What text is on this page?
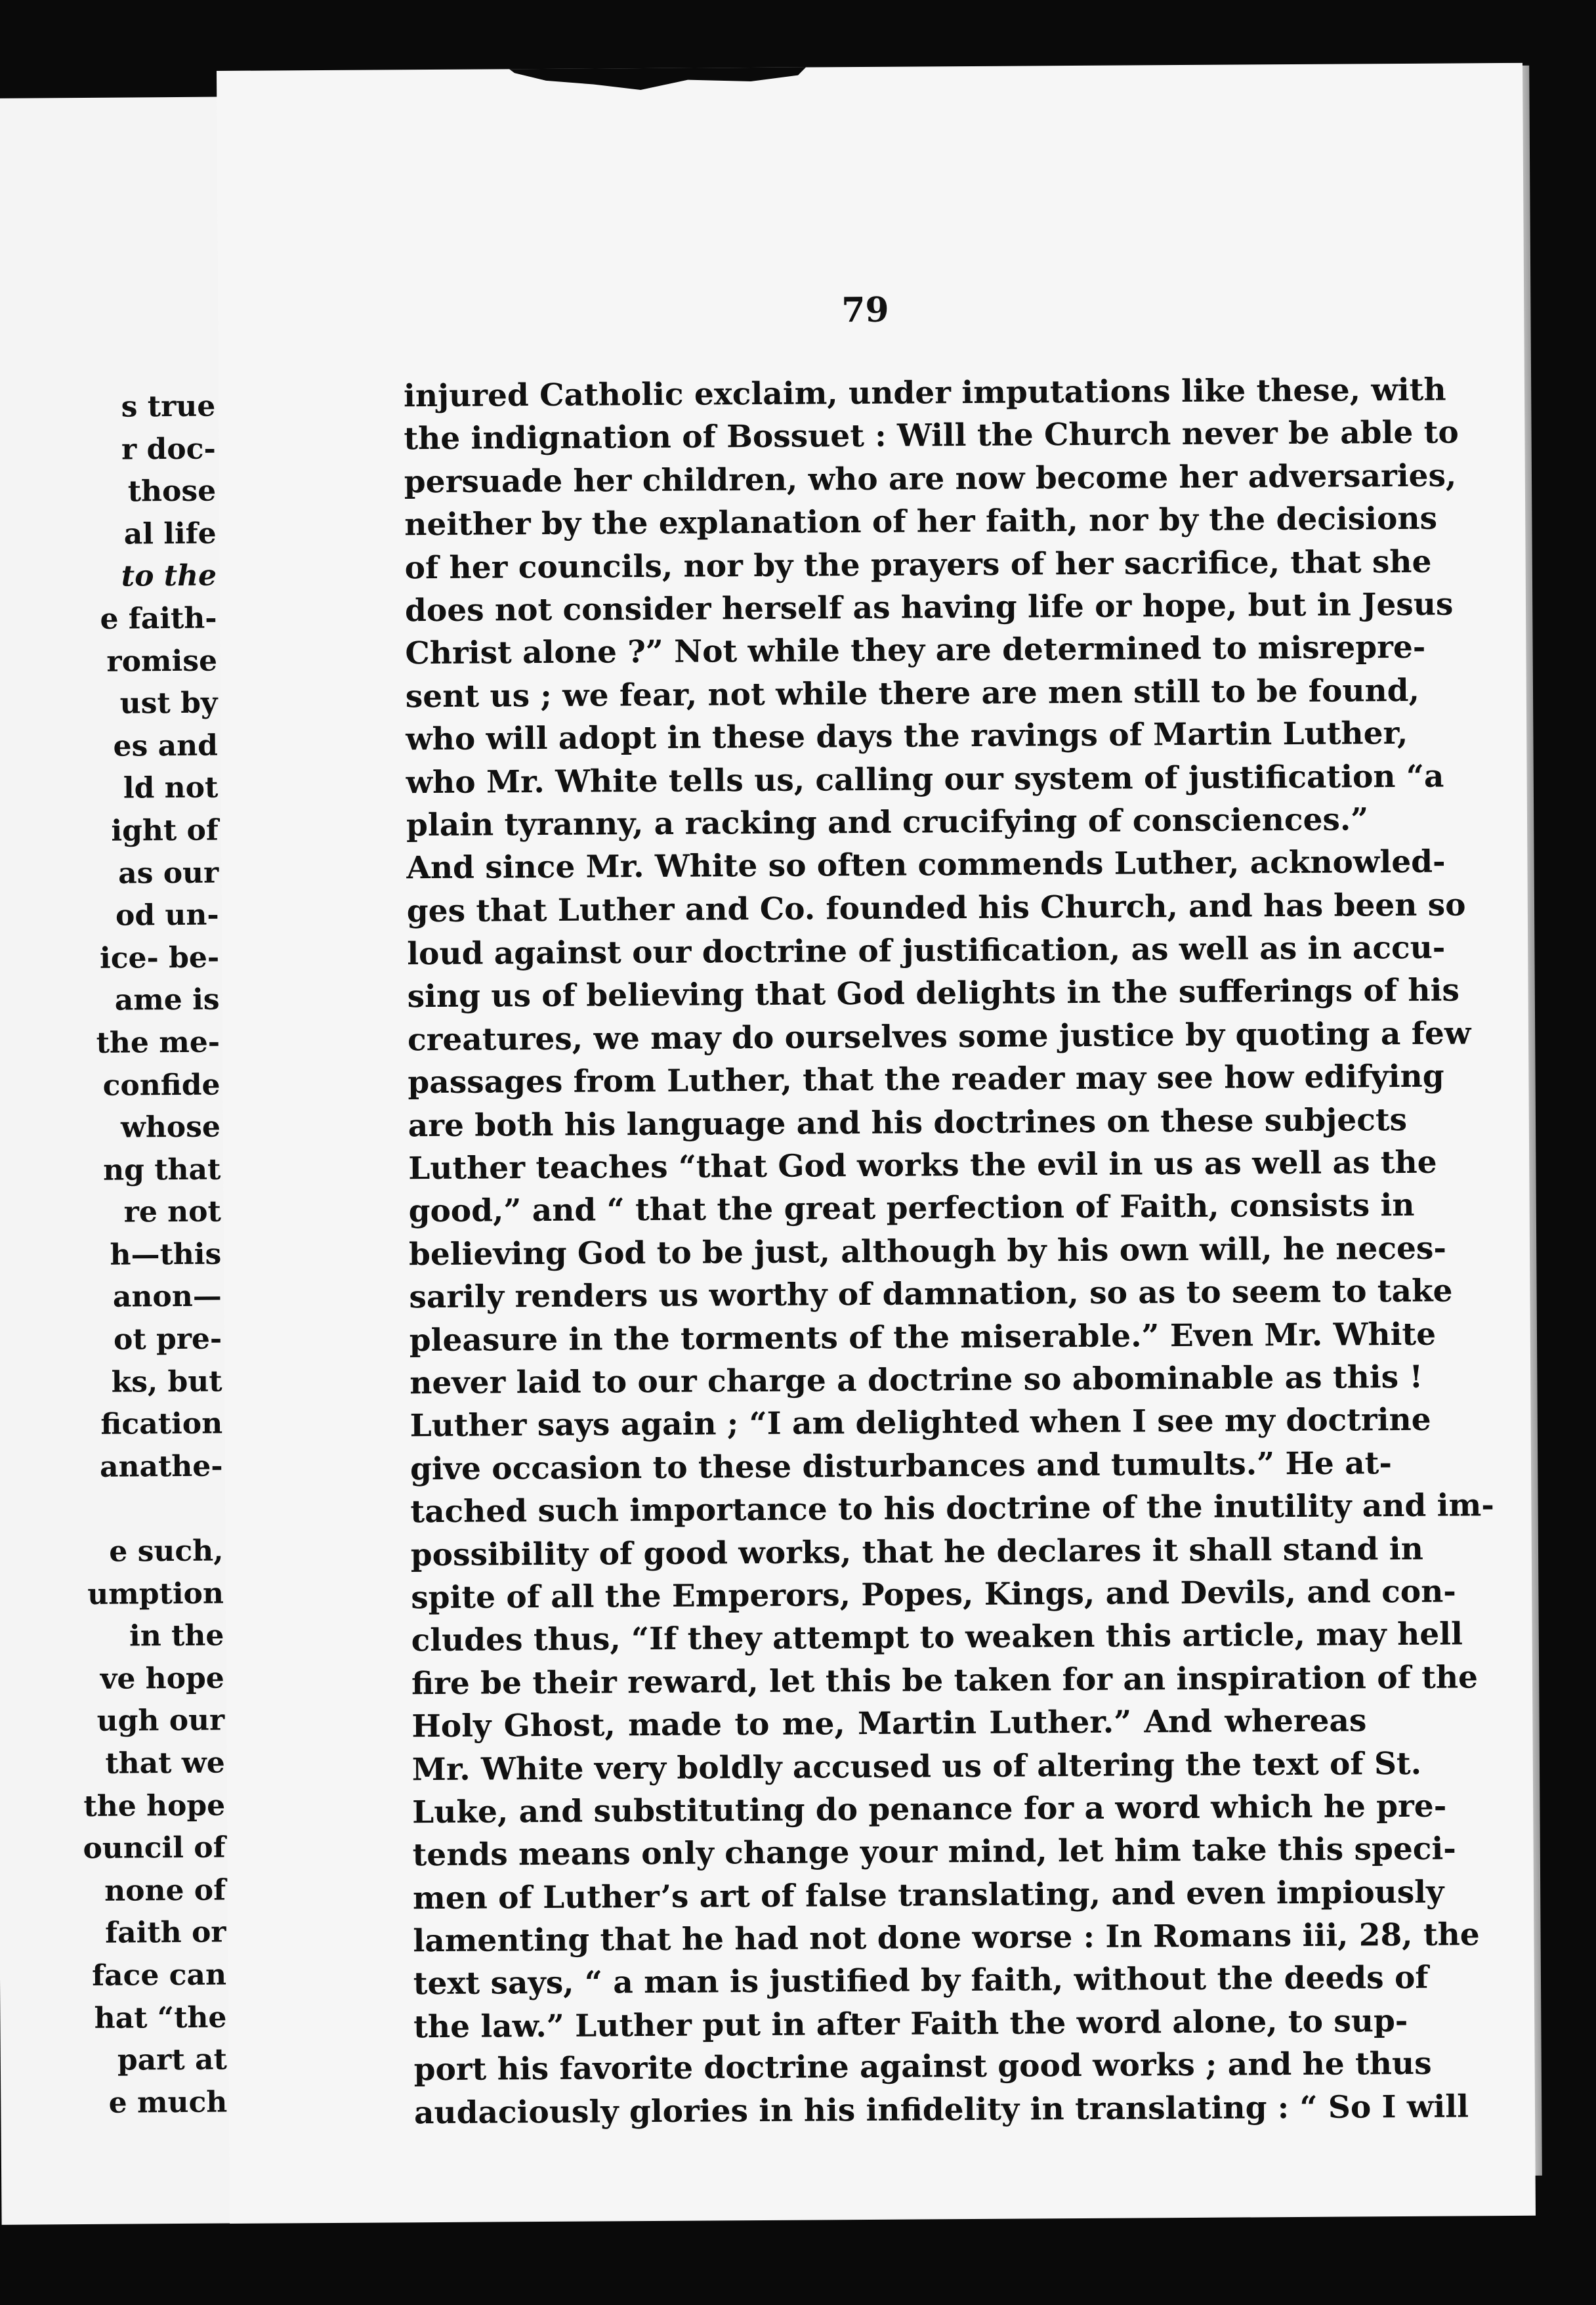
s true
r doc-
those
al life
to the
e faith-
romise
ust by
es and
ld not
ight of
as our
od un-
ice- be-
ame is
the me-
confide
whose
ng that
re not
h—this
anon—
ot pre-
ks, but
fication
anathe-
e such,
umption
in the
ve hope
ugh our
that we
the hope
ouncil of
none of
faith or
face can
hat “the
part at
e much
79
injured Catholic exclaim, under imputations like these, with
the indignation of Bossuet : Will the Church never be able to
persuade her children, who are now become her adversaries,
neither by the explanation of her faith, nor by the decisions
of her councils, nor by the prayers of her sacrifice, that she
does not consider herself as having life or hope, but in Jesus
Christ alone ?” Not while they are determined to misrepre-
sent us ; we fear, not while there are men still to be found,
who will adopt in these days the ravings of Martin Luther,
who Mr. White tells us, calling our system of justification “a
plain tyranny, a racking and crucifying of consciences.”
And since Mr. White so often commends Luther, acknowled-
ges that Luther and Co. founded his Church, and has been so
loud against our doctrine of justification, as well as in accu-
sing us of believing that God delights in the sufferings of his
creatures, we may do ourselves some justice by quoting a few
passages from Luther, that the reader may see how edifying
are both his language and his doctrines on these subjects
Luther teaches “that God works the evil in us as well as the
good,” and “ that the great perfection of Faith, consists in
believing God to be just, although by his own will, he neces-
sarily renders us worthy of damnation, so as to seem to take
pleasure in the torments of the miserable.” Even Mr. White
never laid to our charge a doctrine so abominable as this !
Luther says again ; “I am delighted when I see my doctrine
give occasion to these disturbances and tumults.” He at-
tached such importance to his doctrine of the inutility and im-
possibility of good works, that he declares it shall stand in
spite of all the Emperors, Popes, Kings, and Devils, and con-
cludes thus, “If they attempt to weaken this article, may hell
fire be their reward, let this be taken for an inspiration of the
Holy Ghost, made to me, Martin Luther.” And whereas
Mr. White very boldly accused us of altering the text of St.
Luke, and substituting do penance for a word which he pre-
tends means only change your mind, let him take this speci-
men of Luther’s art of false translating, and even impiously
lamenting that he had not done worse : In Romans iii, 28, the
text says, “ a man is justified by faith, without the deeds of
the law.” Luther put in after Faith the word alone, to sup-
port his favorite doctrine against good works ; and he thus
audaciously glories in his infidelity in translating : “ So I will
